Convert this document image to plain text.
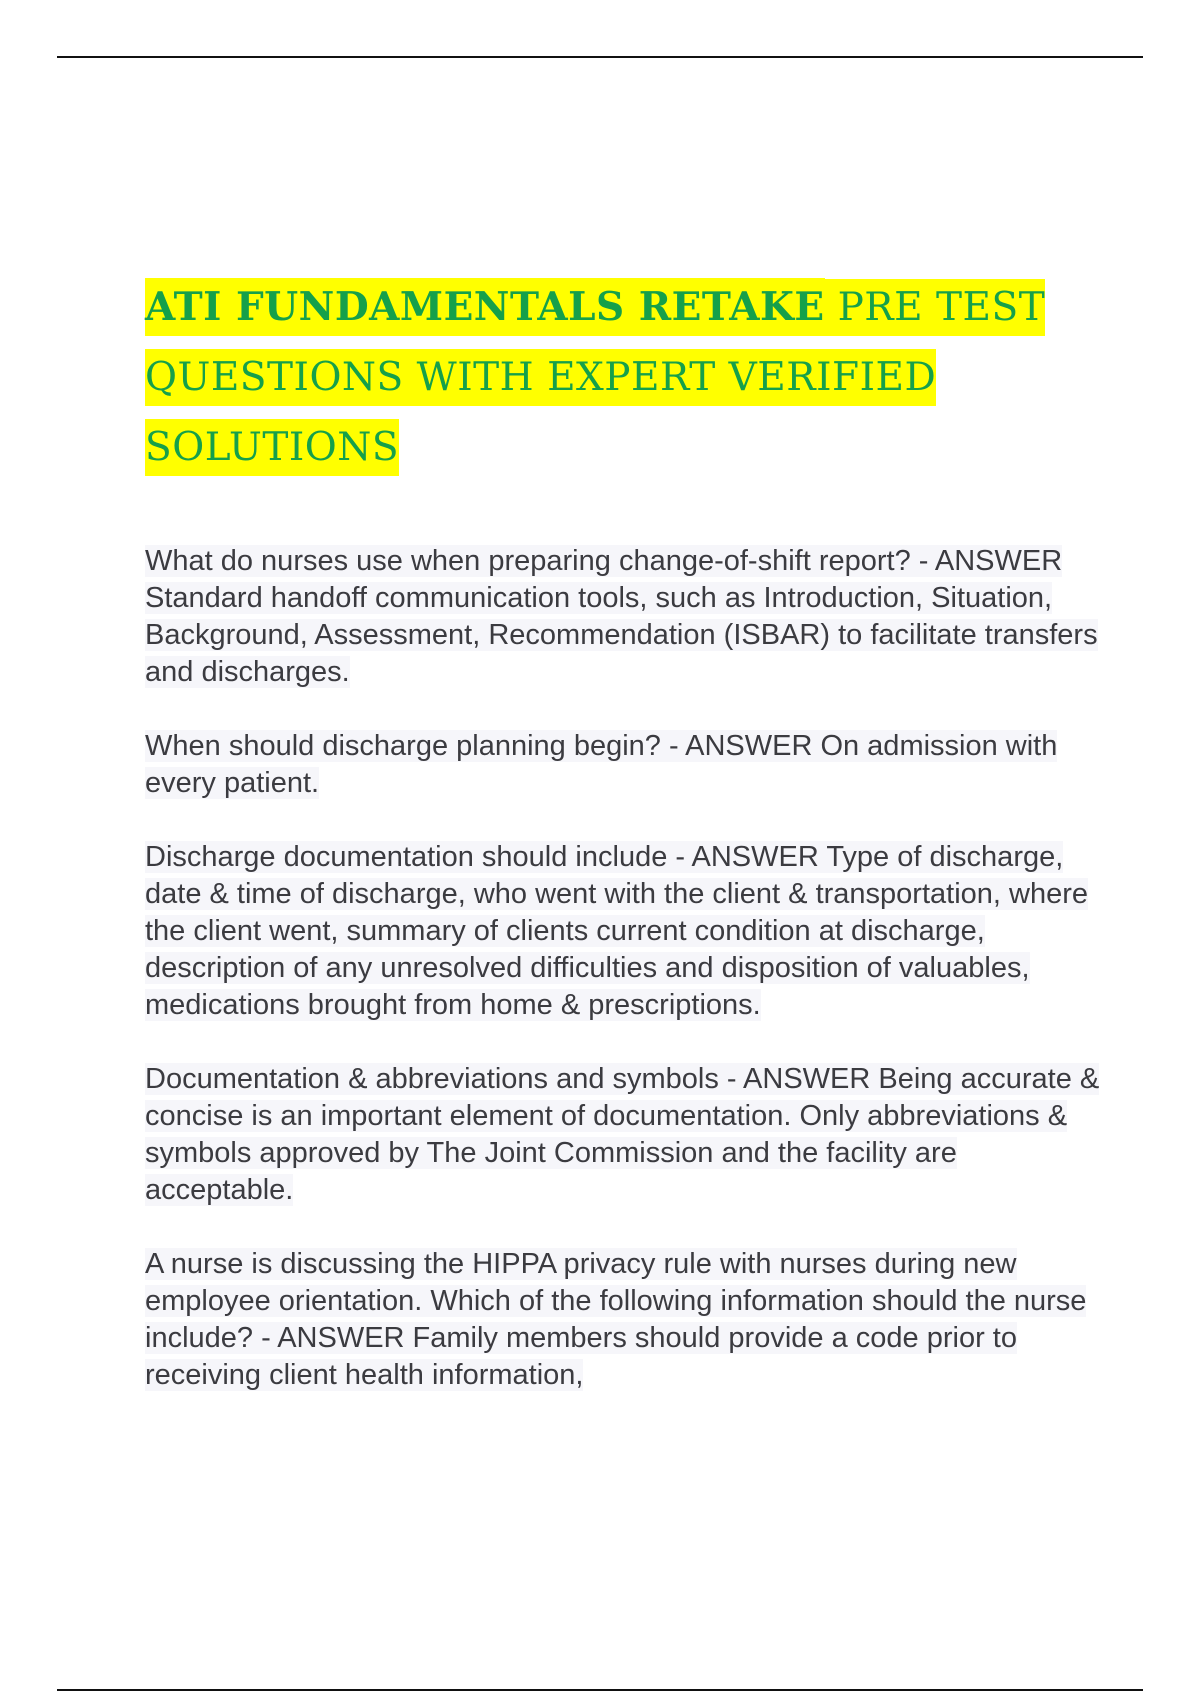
ATI FUNDAMENTALS RETAKE PRE TEST QUESTIONS WITH EXPERT VERIFIED SOLUTIONS

What do nurses use when preparing change-of-shift report? - ANSWER Standard handoff communication tools, such as Introduction, Situation, Background, Assessment, Recommendation (ISBAR) to facilitate transfers and discharges.

When should discharge planning begin? - ANSWER On admission with every patient.

Discharge documentation should include - ANSWER Type of discharge, date & time of discharge, who went with the client & transportation, where the client went, summary of clients current condition at discharge, description of any unresolved difficulties and disposition of valuables, medications brought from home & prescriptions.

Documentation & abbreviations and symbols - ANSWER Being accurate & concise is an important element of documentation. Only abbreviations & symbols approved by The Joint Commission and the facility are acceptable.

A nurse is discussing the HIPPA privacy rule with nurses during new employee orientation. Which of the following information should the nurse include? - ANSWER Family members should provide a code prior to receiving client health information,
